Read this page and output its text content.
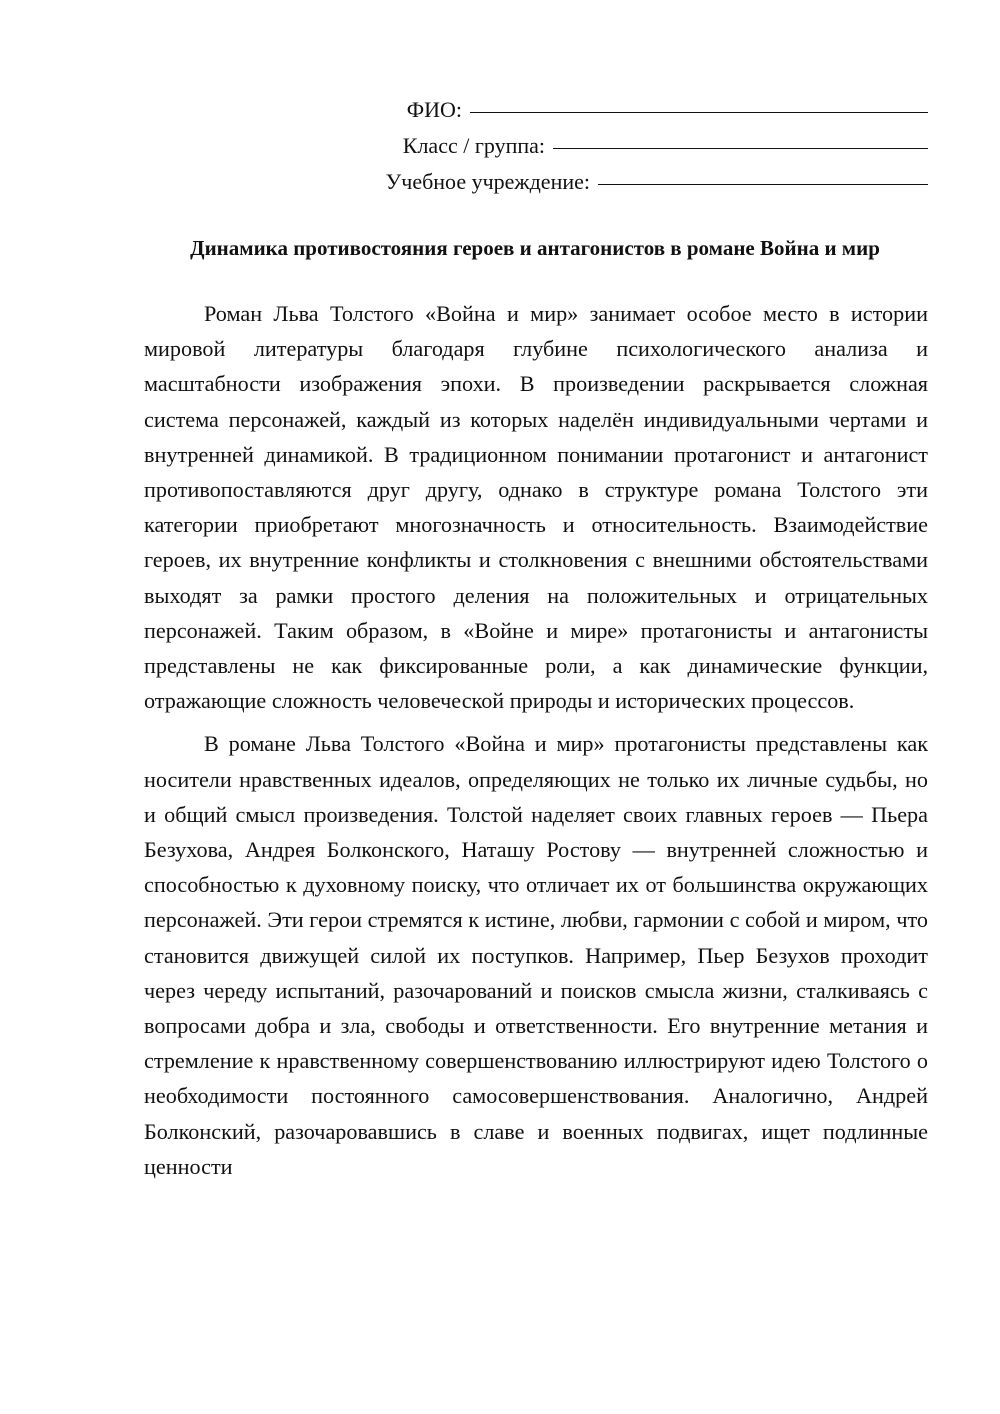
ФИО:
Класс / группа:
Учебное учреждение:
Динамика противостояния героев и антагонистов в романе Война и мир

Роман Льва Толстого «Война и мир» занимает особое место в истории мировой литературы благодаря глубине психологического анализа и масштабности изображения эпохи. В произведении раскрывается сложная система персонажей, каждый из которых наделён индивидуальными чертами и внутренней динамикой. В традиционном понимании протагонист и антагонист противопоставляются друг другу, однако в структуре романа Толстого эти категории приобретают многозначность и относительность. Взаимодействие героев, их внутренние конфликты и столкновения с внешними обстоятельствами выходят за рамки простого деления на положительных и отрицательных персонажей. Таким образом, в «Войне и мире» протагонисты и антагонисты представлены не как фиксированные роли, а как динамические функции, отражающие сложность человеческой природы и исторических процессов.

В романе Льва Толстого «Война и мир» протагонисты представлены как носители нравственных идеалов, определяющих не только их личные судьбы, но и общий смысл произведения. Толстой наделяет своих главных героев — Пьера Безухова, Андрея Болконского, Наташу Ростову — внутренней сложностью и способностью к духовному поиску, что отличает их от большинства окружающих персонажей. Эти герои стремятся к истине, любви, гармонии с собой и миром, что становится движущей силой их поступков. Например, Пьер Безухов проходит через череду испытаний, разочарований и поисков смысла жизни, сталкиваясь с вопросами добра и зла, свободы и ответственности. Его внутренние метания и стремление к нравственному совершенствованию иллюстрируют идею Толстого о необходимости постоянного самосовершенствования. Аналогично, Андрей Болконский, разочаровавшись в славе и военных подвигах, ищет подлинные ценности
